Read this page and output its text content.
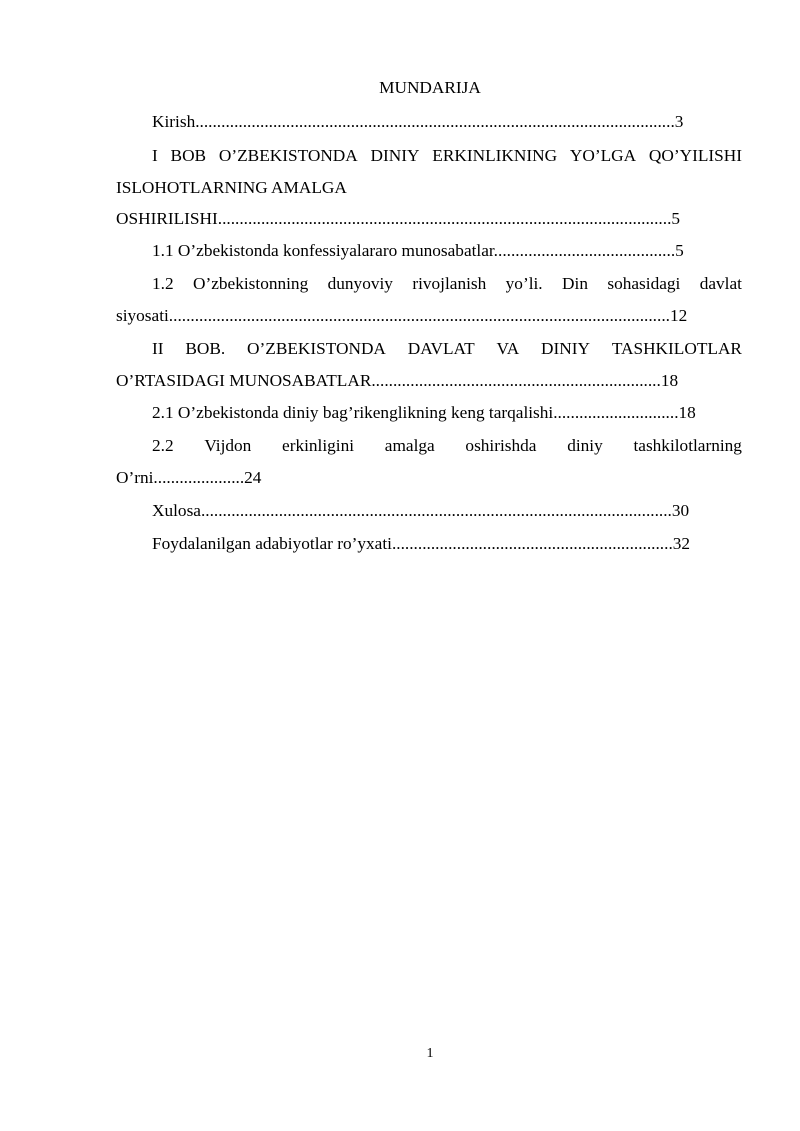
MUNDARIJA

Kirish...............................................................................................................3

I BOB O’ZBEKISTONDA DINIY ERKINLIKNING YO’LGA QO’YILISHI

ISLOHOTLARNING AMALGA

OSHIRILISHI.........................................................................................................5

1.1 O’zbekistonda konfessiyalararo munosabatlar..........................................5

1.2 O’zbekistonning dunyoviy rivojlanish yo’li. Din sohasidagi davlat

siyosati....................................................................................................................12

II BOB. O’ZBEKISTONDA DAVLAT VA DINIY TASHKILOTLAR

O’RTASIDAGI MUNOSABATLAR...................................................................18

2.1 O’zbekistonda diniy bag’rikenglikning keng tarqalishi.............................18

2.2 Vijdon erkinligini amalga oshirishda diniy tashkilotlarning

O’rni.....................24

Xulosa.............................................................................................................30

Foydalanilgan adabiyotlar ro’yxati.................................................................32

1
